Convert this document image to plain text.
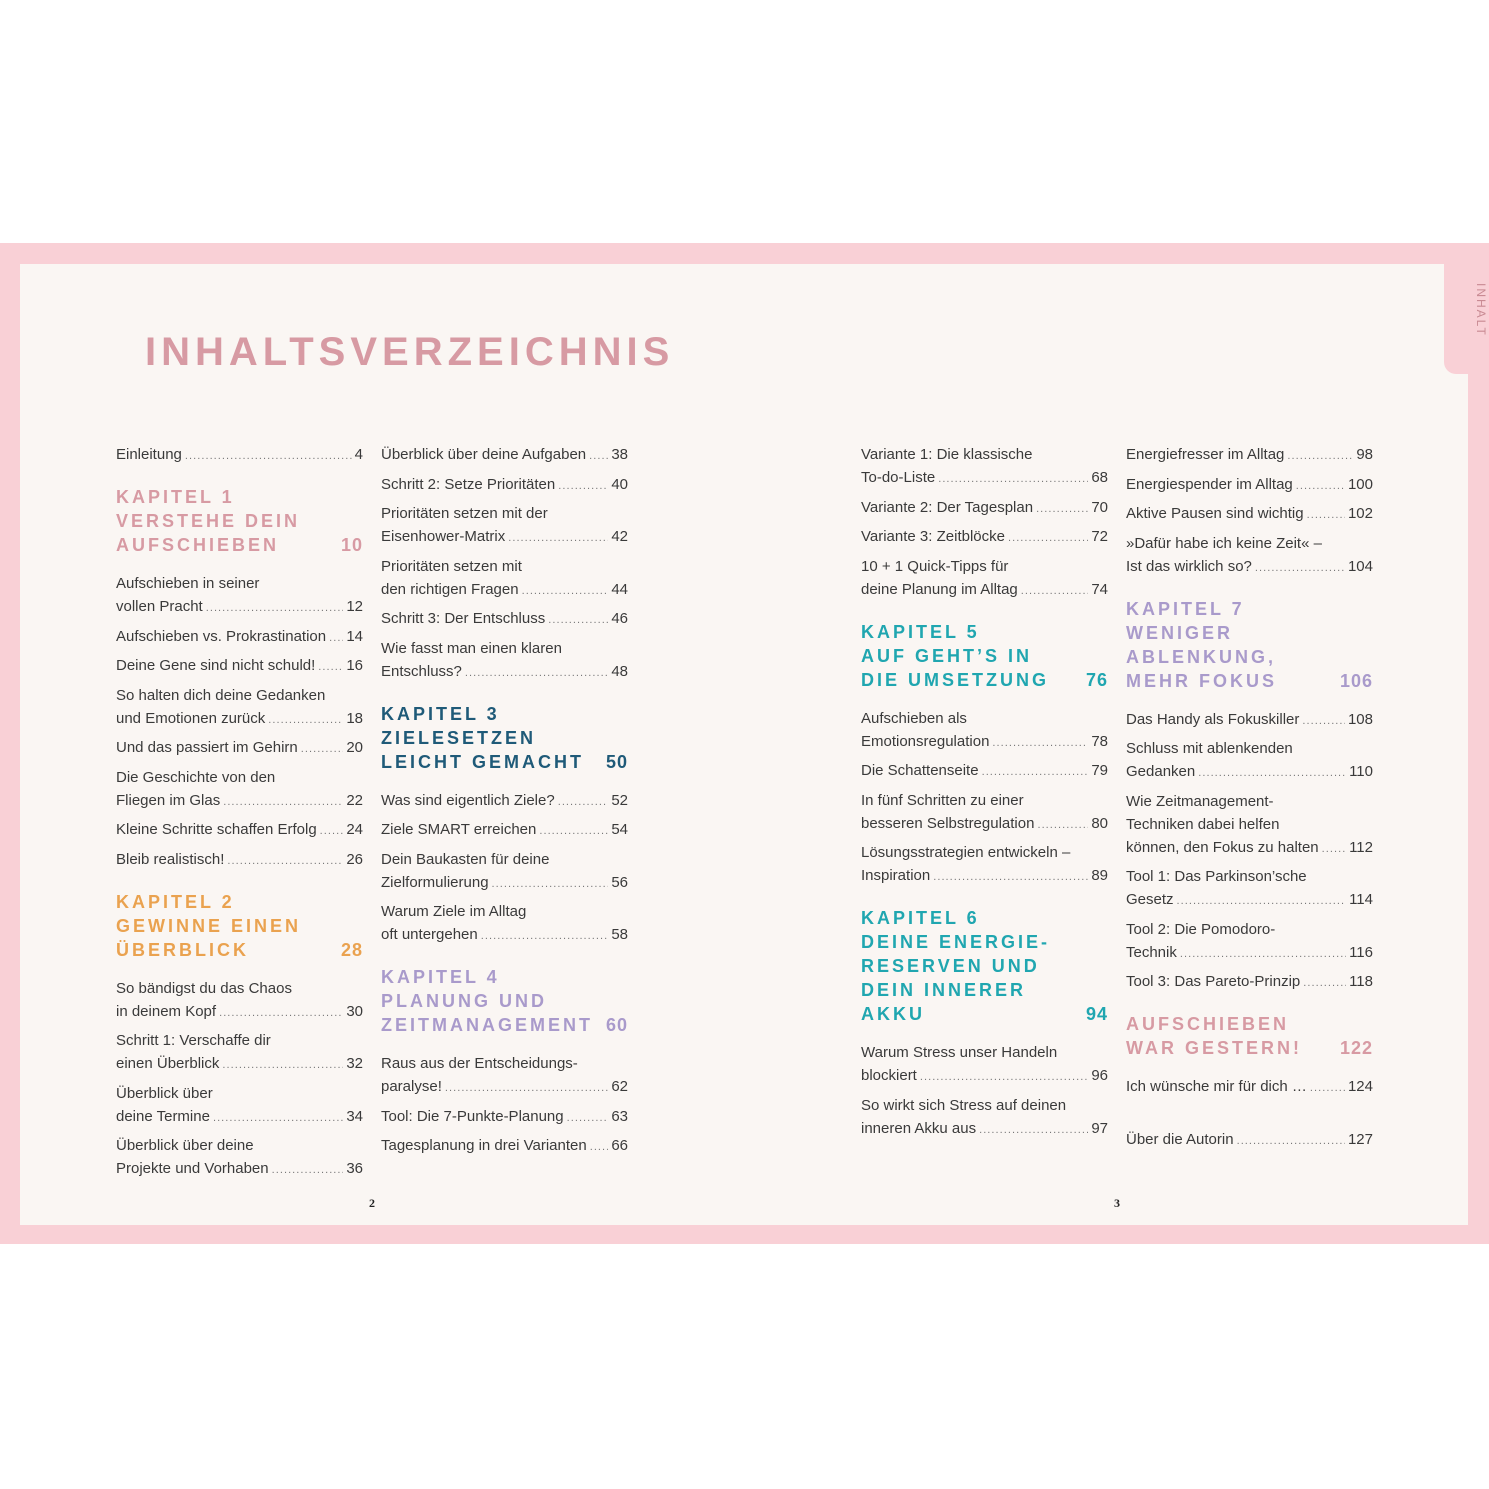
INHALT
INHALTSVERZEICHNIS
Einleitung . . .	4
KAPITEL 1
VERSTEHE DEIN
AUFSCHIEBEN	10
Aufschieben in seiner
vollen Pracht . . .	12
Aufschieben vs. Prokrastination . . . 14
Deine Gene sind nicht schuld! . . . 16
So halten dich deine Gedanken
und Emotionen zurück . . .	18
Und das passiert im Gehirn . . .	20
Die Geschichte von den
Fliegen im Glas . . .	22
Kleine Schritte schaffen Erfolg . . . 24
Bleib realistisch! . . .	26
KAPITEL 2
GEWINNE EINEN
ÜBERBLICK	28
So bändigst du das Chaos
in deinem Kopf . . .	30
Schritt 1: Verschaffe dir
einen Überblick . . .	32
Überblick über
deine Termine . . .	34
Überblick über deine
Projekte und Vorhaben . . .	36
Überblick über deine Aufgaben . . . 38
Schritt 2: Setze Prioritäten . . .	40
Prioritäten setzen mit der
Eisenhower-Matrix . . .	42
Prioritäten setzen mit
den richtigen Fragen . . .	44
Schritt 3: Der Entschluss . . .	46
Wie fasst man einen klaren
Entschluss? . . .	48
KAPITEL 3
ZIELESETZEN
LEICHT GEMACHT	50
Was sind eigentlich Ziele? . . .	52
Ziele SMART erreichen . . .	54
Dein Baukasten für deine
Zielformulierung . . .	56
Warum Ziele im Alltag
oft untergehen . . .	58
KAPITEL 4
PLANUNG UND
ZEITMANAGEMENT 60
Raus aus der Entscheidungs-
paralyse! . . .	62
Tool: Die 7-Punkte-Planung . . .	63
Tagesplanung in drei Varianten . . . 66
Variante 1: Die klassische
To-do-Liste . . .	68
Variante 2: Der Tagesplan . . .	70
Variante 3: Zeitblöcke . . .	72
10 + 1 Quick-Tipps für
deine Planung im Alltag . . .	74
KAPITEL 5
AUF GEHT’S IN
DIE UMSETZUNG	76
Aufschieben als
Emotionsregulation . . .	78
Die Schattenseite . . .	79
In fünf Schritten zu einer
besseren Selbstregulation . . .	80
Lösungsstrategien entwickeln –
Inspiration . . .	89
KAPITEL 6
DEINE ENERGIE-
RESERVEN UND
DEIN INNERER
AKKU	94
Warum Stress unser Handeln
blockiert . . .	96
So wirkt sich Stress auf deinen
inneren Akku aus . . .	97
Energiefresser im Alltag . . .	98
Energiespender im Alltag . . .	100
Aktive Pausen sind wichtig . . .	102
»Dafür habe ich keine Zeit« –
Ist das wirklich so? . . .	104
KAPITEL 7
WENIGER
ABLENKUNG,
MEHR FOKUS	106
Das Handy als Fokuskiller . . .	108
Schluss mit ablenkenden
Gedanken . . .	110
Wie Zeitmanagement-
Techniken dabei helfen
können, den Fokus zu halten . . . 112
Tool 1: Das Parkinson’sche
Gesetz . . .	114
Tool 2: Die Pomodoro-
Technik . . .	116
Tool 3: Das Pareto-Prinzip . . .	118
AUFSCHIEBEN
WAR GESTERN!	122
Ich wünsche mir für dich … . . .	124
Über die Autorin . . .	127
2	3
